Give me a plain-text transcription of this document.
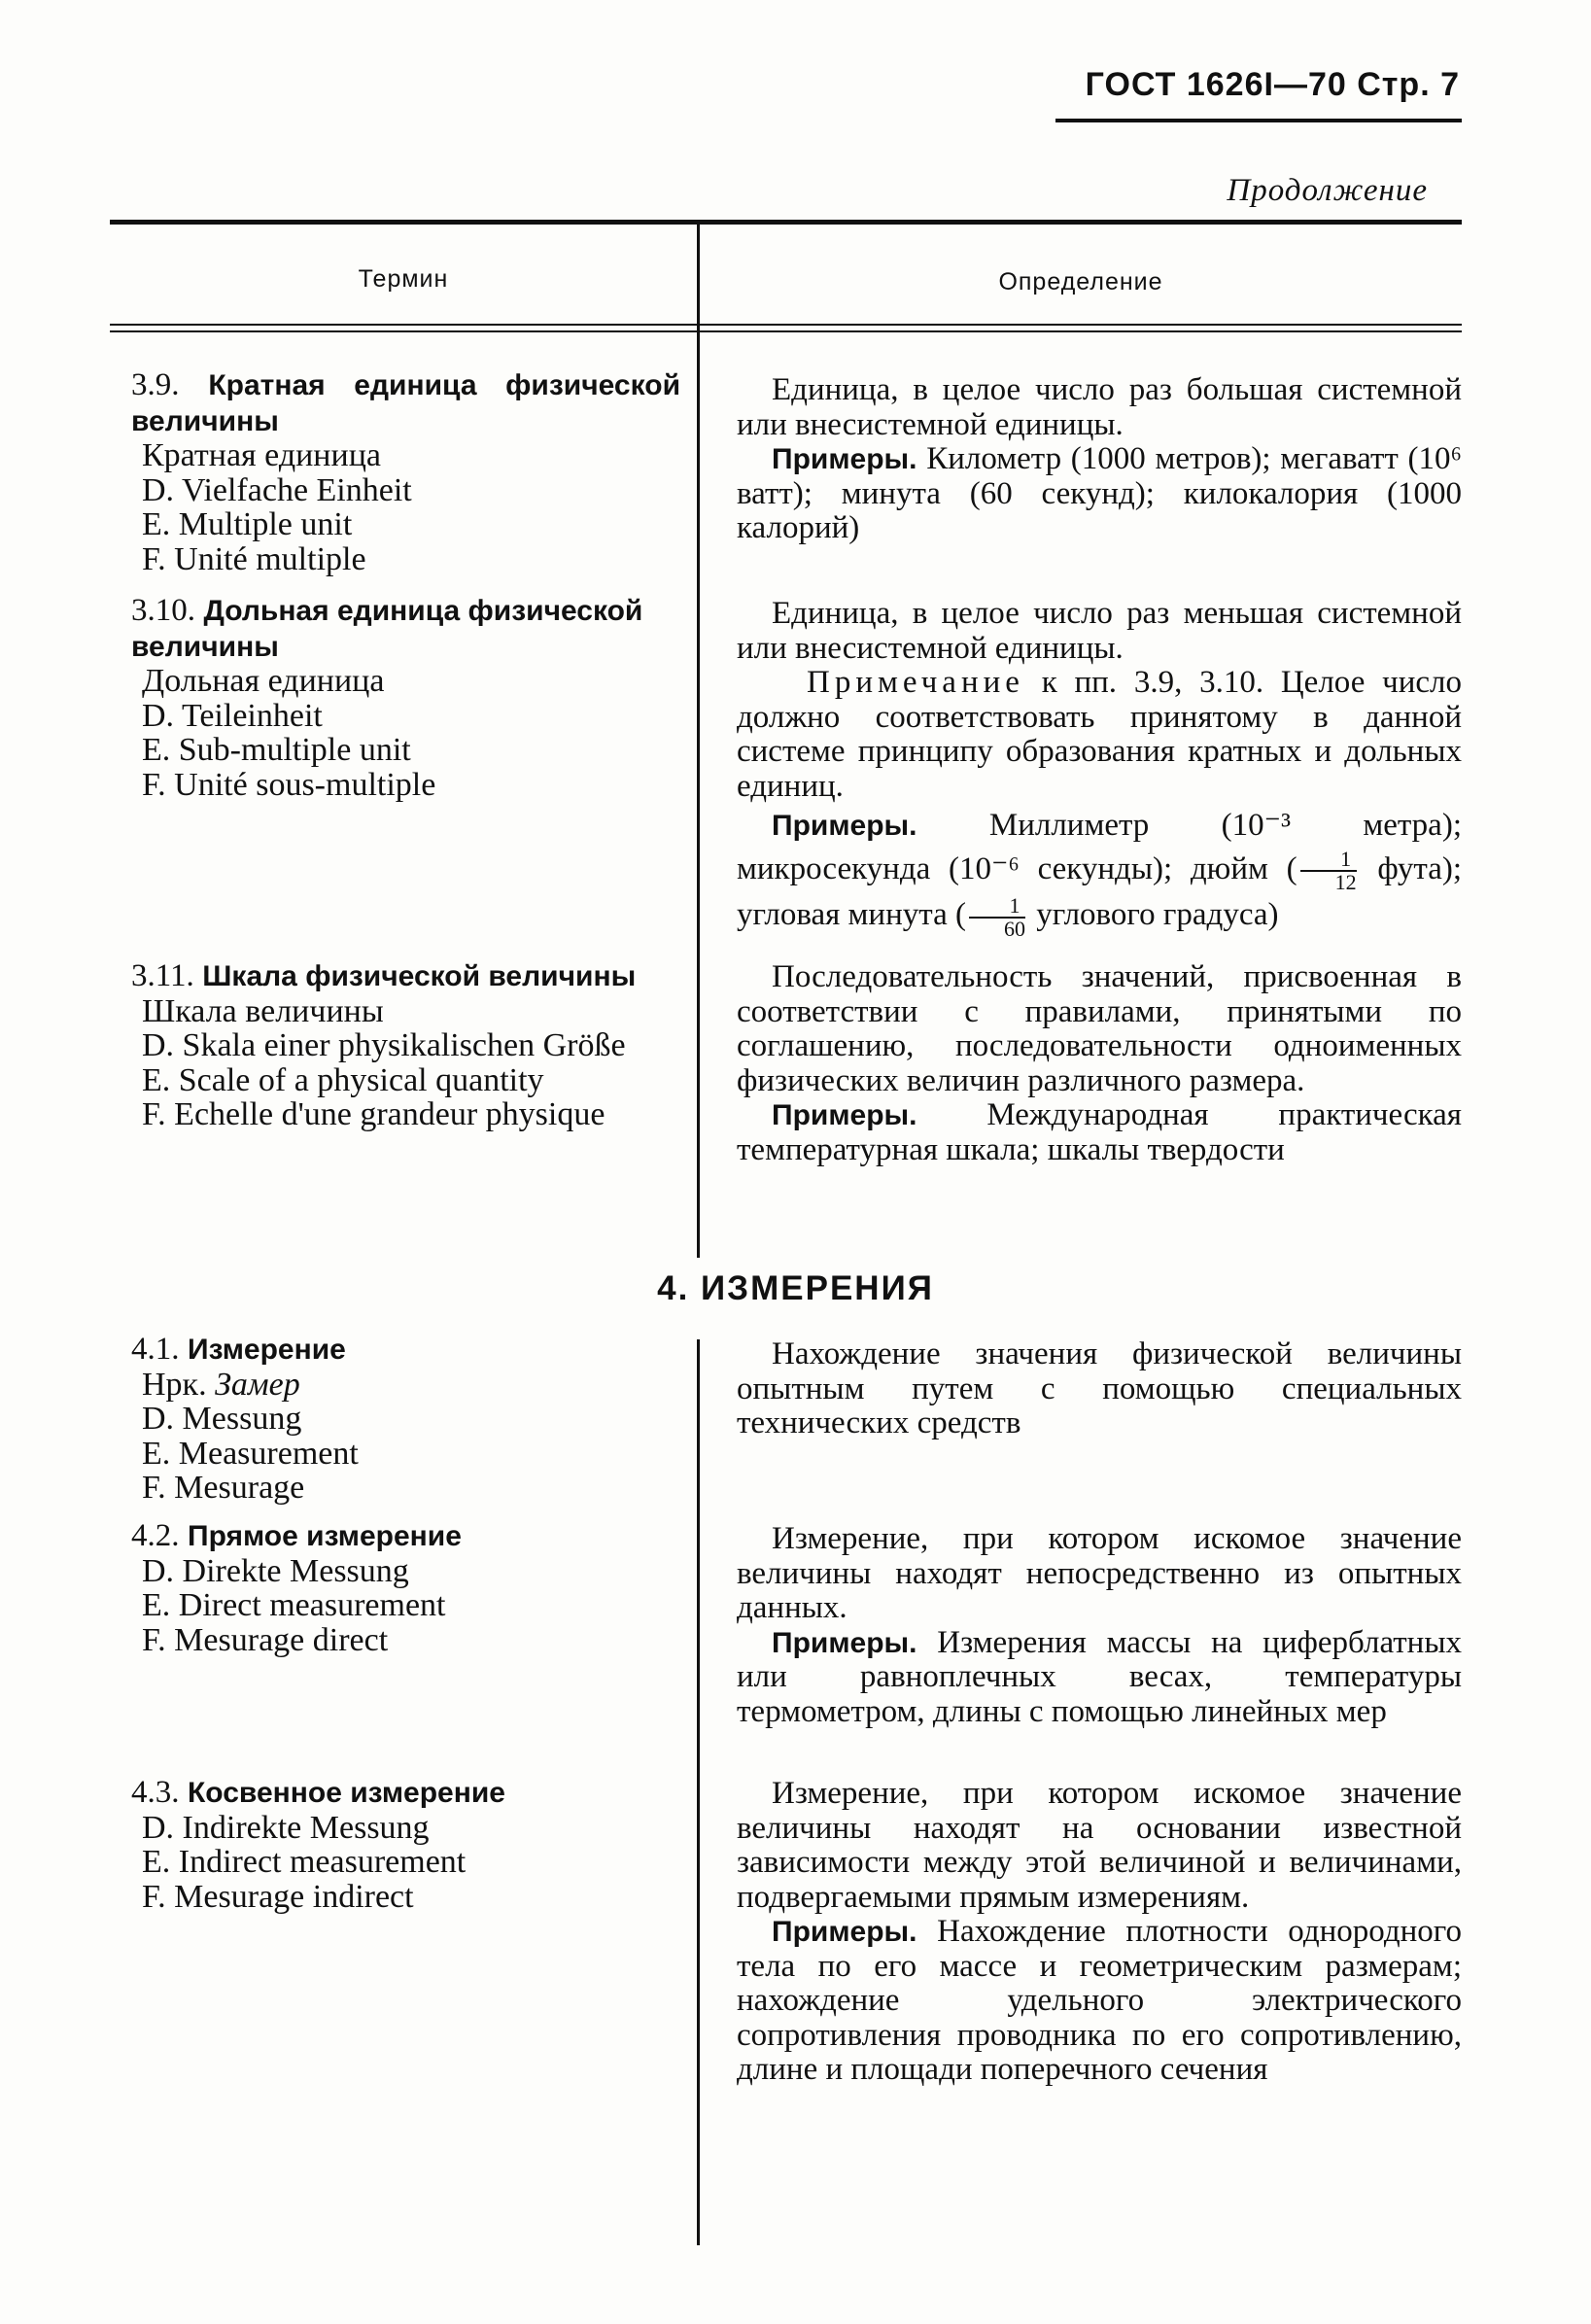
ГОСТ 1626І—70 Стр. 7
Продолжение
Термин	Определение
3.9. Кратная единица физической величины
Кратная единица
D. Vielfache Einheit
E. Multiple unit
F. Unité multiple

Единица, в целое число раз большая системной или внесистемной единицы.

Примеры. Километр (1000 метров); мегаватт (10⁶ ватт); минута (60 секунд); килокалория (1000 калорий)

3.10. Дольная единица физической величины
Дольная единица
D. Teileinheit
E. Sub-multiple unit
F. Unité sous-multiple

Единица, в целое число раз меньшая системной или внесистемной единицы.

Примечание к пп. 3.9, 3.10. Целое число должно соответствовать принятому в данной системе принципу образования кратных и дольных единиц.

Примеры. Миллиметр (10⁻³ метра); микросекунда (10⁻⁶ секунды); дюйм ( $\frac{1}{12}$ фута); угловая минута ( $\frac{1}{60}$ углового градуса)

3.11. Шкала физической величины
Шкала величины
D. Skala einer physikalischen Größe
E. Scale of a physical quantity
F. Echelle d'une grandeur physique

Последовательность значений, присвоенная в соответствии с правилами, принятыми по соглашению, последовательности одноименных физических величин различного размера.

Примеры. Международная практическая температурная шкала; шкалы твердости

4. ИЗМЕРЕНИЯ
4.1. Измерение
Нрк. Замер
D. Messung
E. Measurement
F. Mesurage

Нахождение значения физической величины опытным путем с помощью специальных технических средств

4.2. Прямое измерение
D. Direkte Messung
E. Direct measurement
F. Mesurage direct

Измерение, при котором искомое значение величины находят непосредственно из опытных данных.

Примеры. Измерения массы на циферблатных или равноплечных весах, температуры термометром, длины с помощью линейных мер

4.3. Косвенное измерение
D. Indirekte Messung
E. Indirect measurement
F. Mesurage indirect

Измерение, при котором искомое значение величины находят на основании известной зависимости между этой величиной и величинами, подвергаемыми прямым измерениям.

Примеры. Нахождение плотности однородного тела по его массе и геометрическим размерам; нахождение удельного электрического сопротивления проводника по его сопротивлению, длине и площади поперечного сечения
